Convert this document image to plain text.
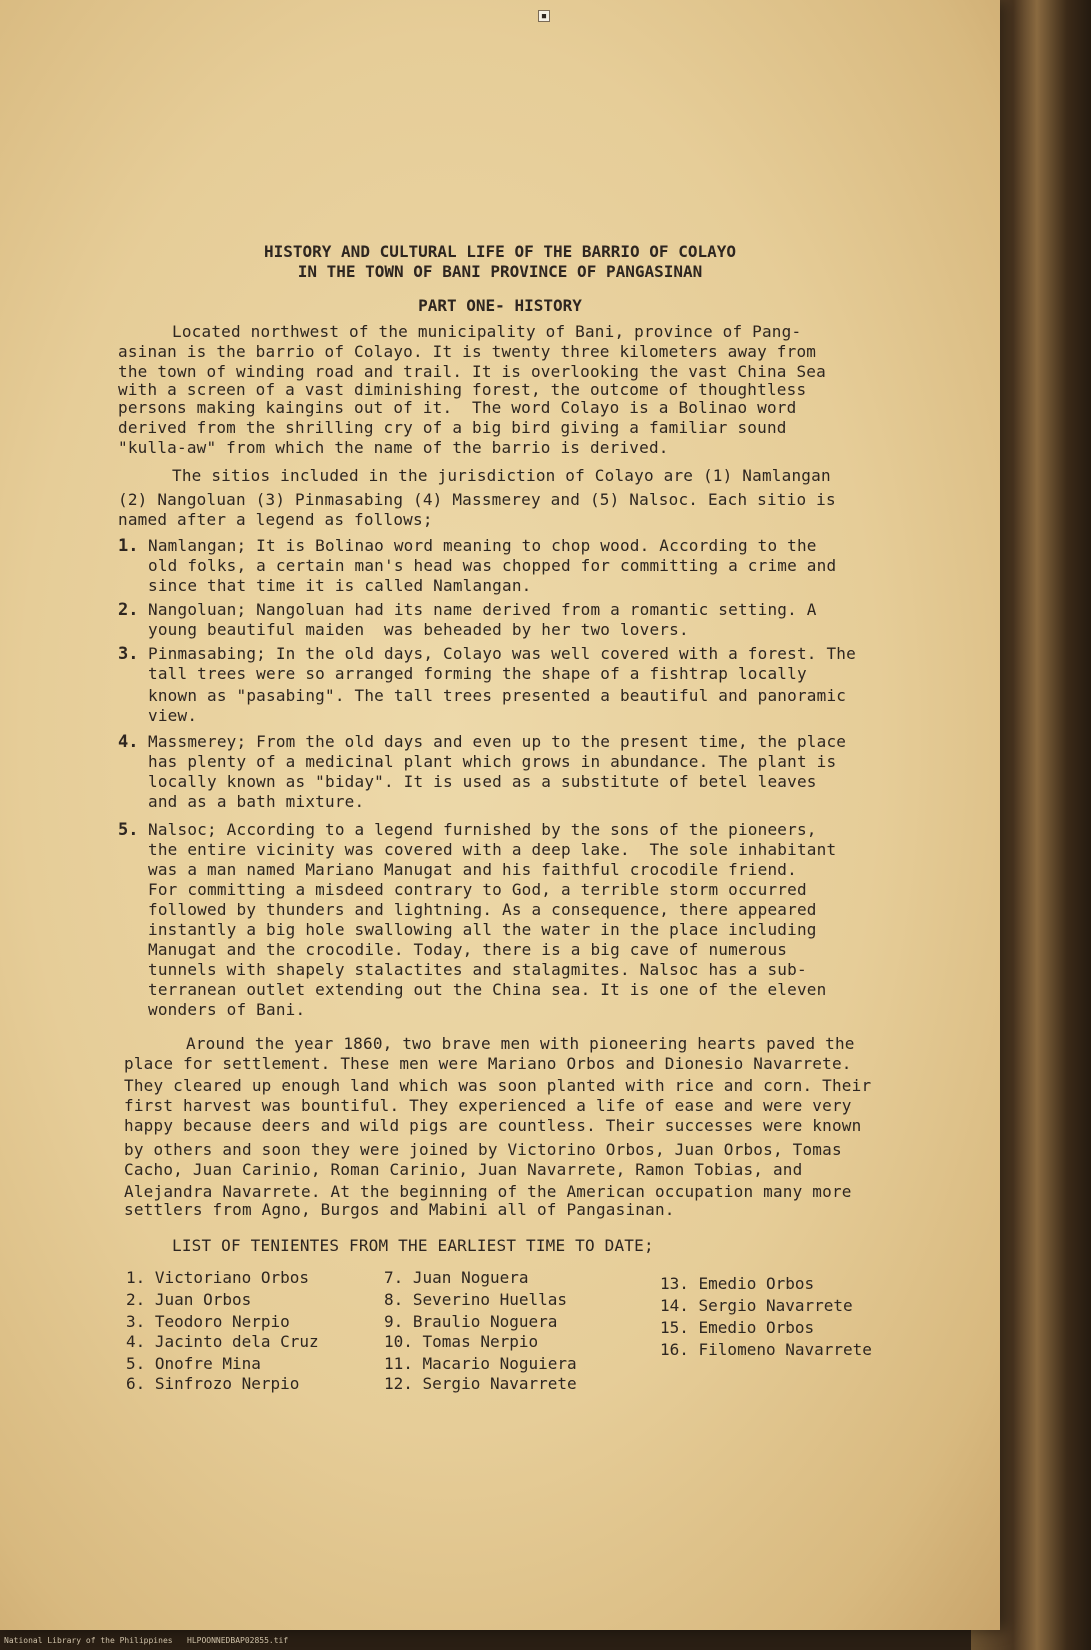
■
HISTORY AND CULTURAL LIFE OF THE BARRIO OF COLAYO
IN THE TOWN OF BANI PROVINCE OF PANGASINAN
PART ONE- HISTORY
Located northwest of the municipality of Bani, province of Pang-
asinan is the barrio of Colayo. It is twenty three kilometers away from
the town of winding road and trail. It is overlooking the vast China Sea
with a screen of a vast diminishing forest, the outcome of thoughtless
persons making kaingins out of it.  The word Colayo is a Bolinao word
derived from the shrilling cry of a big bird giving a familiar sound
"kulla-aw" from which the name of the barrio is derived.
The sitios included in the jurisdiction of Colayo are (1) Namlangan
(2) Nangoluan (3) Pinmasabing (4) Massmerey and (5) Nalsoc. Each sitio is
named after a legend as follows;
1. Namlangan; It is Bolinao word meaning to chop wood. According to the
old folks, a certain man's head was chopped for committing a crime and
since that time it is called Namlangan.
2. Nangoluan; Nangoluan had its name derived from a romantic setting. A
young beautiful maiden  was beheaded by her two lovers.
3. Pinmasabing; In the old days, Colayo was well covered with a forest. The
tall trees were so arranged forming the shape of a fishtrap locally
known as "pasabing". The tall trees presented a beautiful and panoramic
view.
4. Massmerey; From the old days and even up to the present time, the place
has plenty of a medicinal plant which grows in abundance. The plant is
locally known as "biday". It is used as a substitute of betel leaves
and as a bath mixture.
5. Nalsoc; According to a legend furnished by the sons of the pioneers,
the entire vicinity was covered with a deep lake.  The sole inhabitant
was a man named Mariano Manugat and his faithful crocodile friend.
For committing a misdeed contrary to God, a terrible storm occurred
followed by thunders and lightning. As a consequence, there appeared
instantly a big hole swallowing all the water in the place including
Manugat and the crocodile. Today, there is a big cave of numerous
tunnels with shapely stalactites and stalagmites. Nalsoc has a sub-
terranean outlet extending out the China sea. It is one of the eleven
wonders of Bani.
Around the year 1860, two brave men with pioneering hearts paved the
place for settlement. These men were Mariano Orbos and Dionesio Navarrete.
They cleared up enough land which was soon planted with rice and corn. Their
first harvest was bountiful. They experienced a life of ease and were very
happy because deers and wild pigs are countless. Their successes were known
by others and soon they were joined by Victorino Orbos, Juan Orbos, Tomas
Cacho, Juan Carinio, Roman Carinio, Juan Navarrete, Ramon Tobias, and
Alejandra Navarrete. At the beginning of the American occupation many more
settlers from Agno, Burgos and Mabini all of Pangasinan.
LIST OF TENIENTES FROM THE EARLIEST TIME TO DATE;
1. Victoriano Orbos
2. Juan Orbos
3. Teodoro Nerpio
4. Jacinto dela Cruz
5. Onofre Mina
6. Sinfrozo Nerpio
7. Juan Noguera
8. Severino Huellas
9. Braulio Noguera
10. Tomas Nerpio
11. Macario Noguiera
12. Sergio Navarrete
13. Emedio Orbos
14. Sergio Navarrete
15. Emedio Orbos
16. Filomeno Navarrete
National Library of the Philippines   HLPOONNEDBAP02855.tif
